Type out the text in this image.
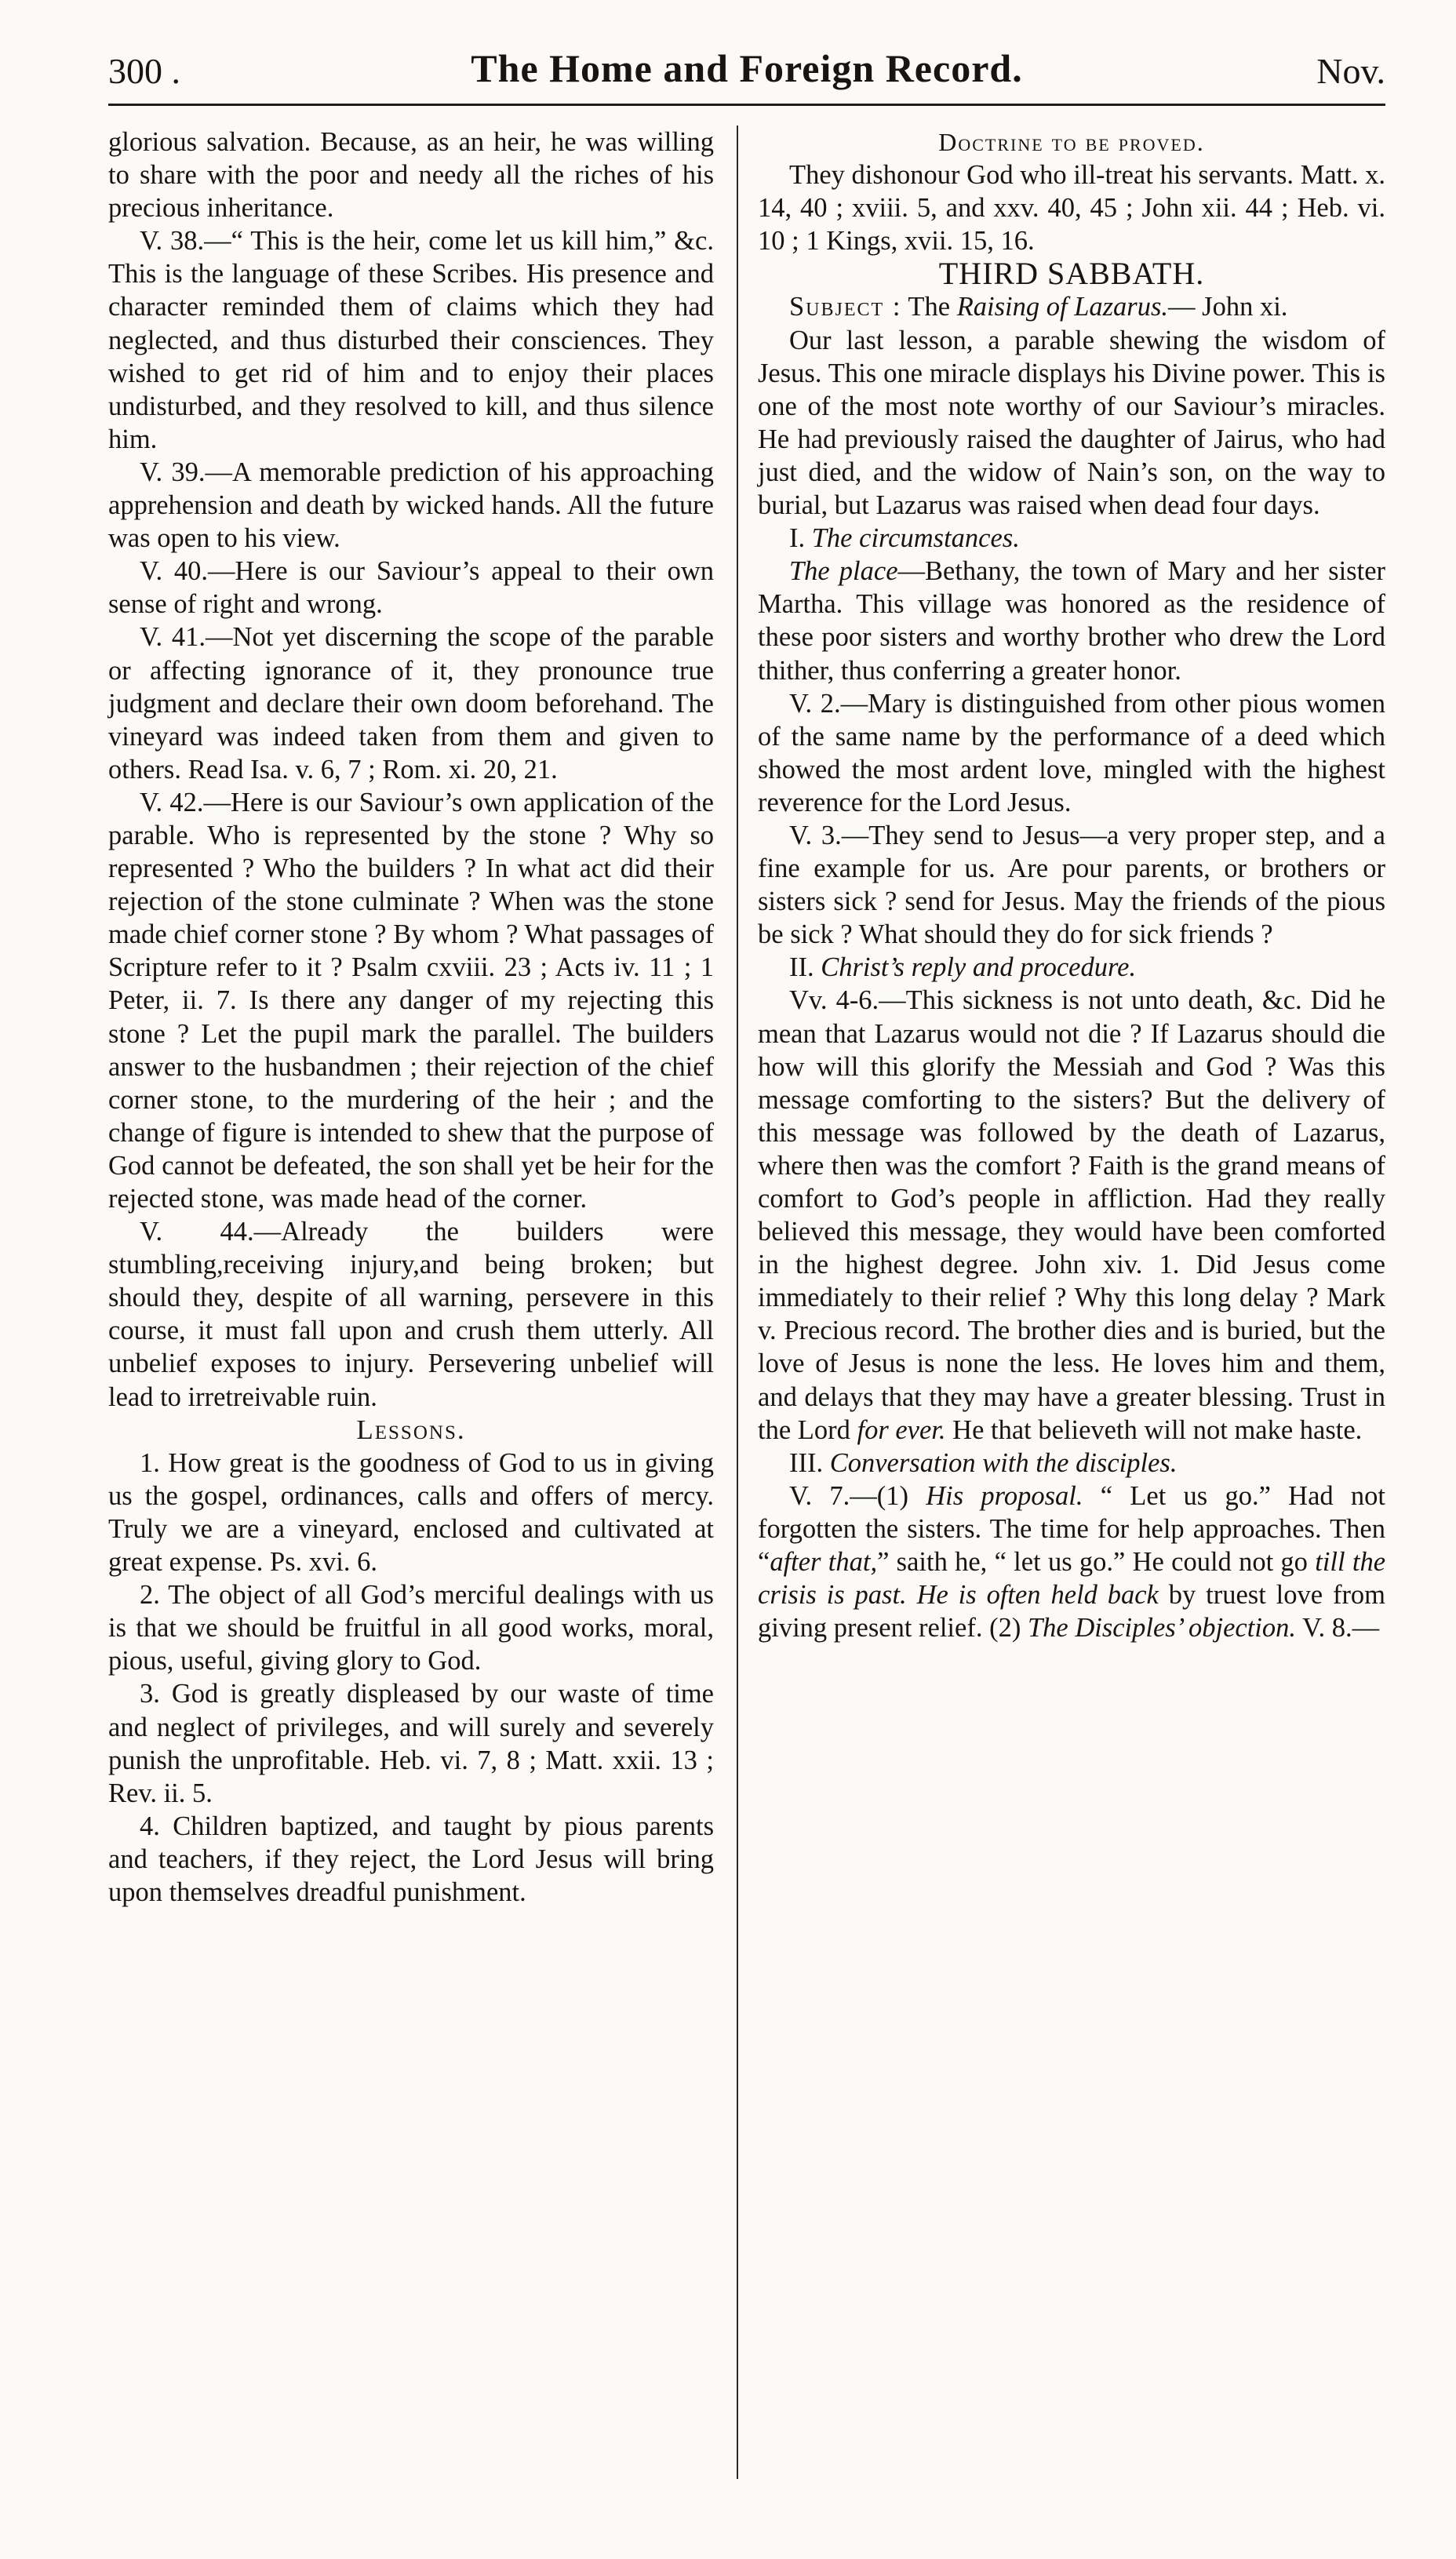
300 .	The Home and Foreign Record.	Nov.

glorious salvation. Because, as an heir, he was willing to share with the poor and needy all the riches of his precious inheritance.

V. 38.—“ This is the heir, come let us kill him,” &c. This is the language of these Scribes. His presence and character reminded them of claims which they had neglected, and thus disturbed their consciences. They wished to get rid of him and to enjoy their places undisturbed, and they resolved to kill, and thus silence him.

V. 39.—A memorable prediction of his approaching apprehension and death by wicked hands. All the future was open to his view.

V. 40.—Here is our Saviour’s appeal to their own sense of right and wrong.

V. 41.—Not yet discerning the scope of the parable or affecting ignorance of it, they pronounce true judgment and declare their own doom beforehand. The vineyard was indeed taken from them and given to others. Read Isa. v. 6, 7 ; Rom. xi. 20, 21.

V. 42.—Here is our Saviour’s own application of the parable. Who is represented by the stone ? Why so represented ? Who the builders ? In what act did their rejection of the stone culminate ? When was the stone made chief corner stone ? By whom ? What passages of Scripture refer to it ? Psalm cxviii. 23 ; Acts iv. 11 ; 1 Peter, ii. 7. Is there any danger of my rejecting this stone ? Let the pupil mark the parallel. The builders answer to the husbandmen ; their rejection of the chief corner stone, to the murdering of the heir ; and the change of figure is intended to shew that the purpose of God cannot be defeated, the son shall yet be heir for the rejected stone, was made head of the corner.

V. 44.—Already the builders were stumbling,receiving injury,and being broken; but should they, despite of all warning, persevere in this course, it must fall upon and crush them utterly. All unbelief exposes to injury. Persevering unbelief will lead to irretreivable ruin.

Lessons.

1. How great is the goodness of God to us in giving us the gospel, ordinances, calls and offers of mercy. Truly we are a vineyard, enclosed and cultivated at great expense. Ps. xvi. 6.

2. The object of all God’s merciful dealings with us is that we should be fruitful in all good works, moral, pious, useful, giving glory to God.

3. God is greatly displeased by our waste of time and neglect of privileges, and will surely and severely punish the unprofitable. Heb. vi. 7, 8 ; Matt. xxii. 13 ; Rev. ii. 5.

4. Children baptized, and taught by pious parents and teachers, if they reject, the Lord Jesus will bring upon themselves dreadful punishment.

Doctrine to be proved.

They dishonour God who ill-treat his servants. Matt. x. 14, 40 ; xviii. 5, and xxv. 40, 45 ; John xii. 44 ; Heb. vi. 10 ; 1 Kings, xvii. 15, 16.

THIRD SABBATH.

Subject : The Raising of Lazarus.— John xi.

Our last lesson, a parable shewing the wisdom of Jesus. This one miracle displays his Divine power. This is one of the most note worthy of our Saviour’s miracles. He had previously raised the daughter of Jairus, who had just died, and the widow of Nain’s son, on the way to burial, but Lazarus was raised when dead four days.

I. The circumstances.

The place—Bethany, the town of Mary and her sister Martha. This village was honored as the residence of these poor sisters and worthy brother who drew the Lord thither, thus conferring a greater honor.

V. 2.—Mary is distinguished from other pious women of the same name by the performance of a deed which showed the most ardent love, mingled with the highest reverence for the Lord Jesus.

V. 3.—They send to Jesus—a very proper step, and a fine example for us. Are pour parents, or brothers or sisters sick ? send for Jesus. May the friends of the pious be sick ? What should they do for sick friends ?

II. Christ’s reply and procedure.

Vv. 4-6.—This sickness is not unto death, &c. Did he mean that Lazarus would not die ? If Lazarus should die how will this glorify the Messiah and God ? Was this message comforting to the sisters? But the delivery of this message was followed by the death of Lazarus, where then was the comfort ? Faith is the grand means of comfort to God’s people in affliction. Had they really believed this message, they would have been comforted in the highest degree. John xiv. 1. Did Jesus come immediately to their relief ? Why this long delay ? Mark v. Precious record. The brother dies and is buried, but the love of Jesus is none the less. He loves him and them, and delays that they may have a greater blessing. Trust in the Lord for ever. He that believeth will not make haste.

III. Conversation with the disciples.

V. 7.—(1) His proposal. “ Let us go.” Had not forgotten the sisters. The time for help approaches. Then “after that,” saith he, “ let us go.” He could not go till the crisis is past. He is often held back by truest love from giving present relief. (2) The Disciples’ objection. V. 8.—
